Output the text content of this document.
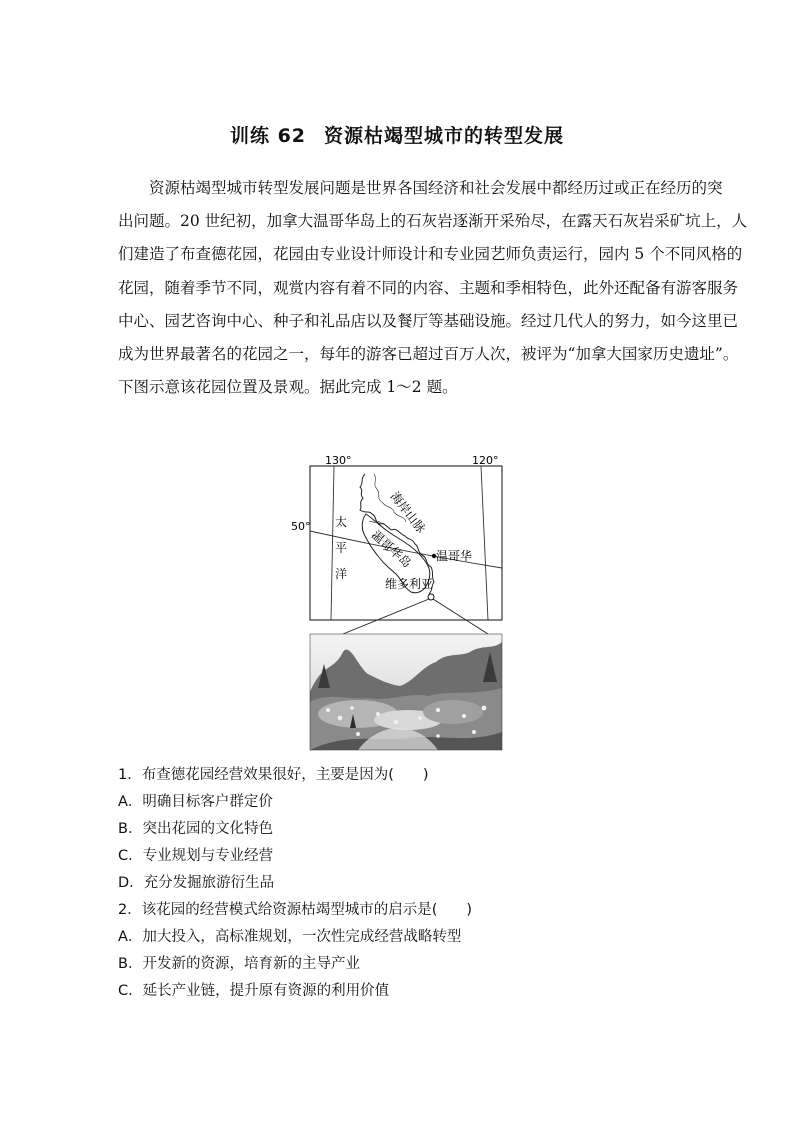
训练 62 资源枯竭型城市的转型发展
资源枯竭型城市转型发展问题是世界各国经济和社会发展中都经历过或正在经历的突
出问题。20 世纪初，加拿大温哥华岛上的石灰岩逐渐开采殆尽，在露天石灰岩采矿坑上，人
们建造了布查德花园，花园由专业设计师设计和专业园艺师负责运行，园内 5 个不同风格的
花园，随着季节不同，观赏内容有着不同的内容、主题和季相特色，此外还配备有游客服务
中心、园艺咨询中心、种子和礼品店以及餐厅等基础设施。经过几代人的努力，如今这里已
成为世界最著名的花园之一，每年的游客已超过百万人次，被评为“加拿大国家历史遗址”。
下图示意该花园位置及景观。据此完成 1～2 题。
130°	120°
50° 太
平
洋
海岸山脉
温哥华岛 温哥华
维多利亚
1．布查德花园经营效果很好，主要是因为(　　)
A．明确目标客户群定价
B．突出花园的文化特色
C．专业规划与专业经营
D．充分发掘旅游衍生品
2．该花园的经营模式给资源枯竭型城市的启示是(　　)
A．加大投入，高标准规划，一次性完成经营战略转型
B．开发新的资源，培育新的主导产业
C．延长产业链，提升原有资源的利用价值
